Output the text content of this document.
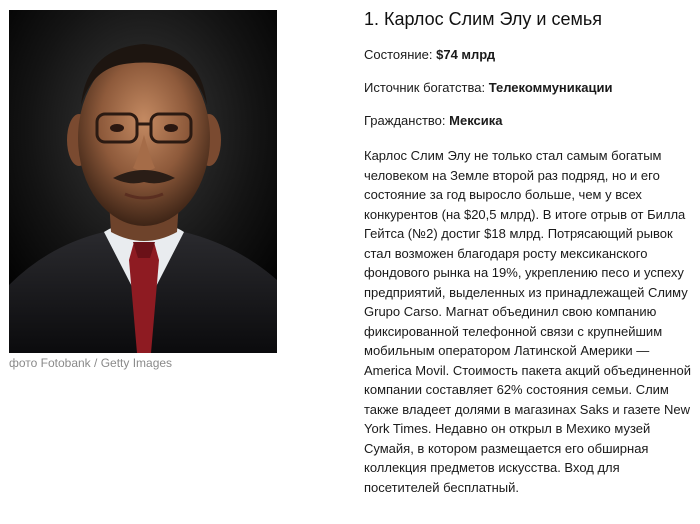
фото Fotobank / Getty Images
1. Карлос Слим Элу и семья

Состояние: $74 млрд

Источник богатства: Телекоммуникации

Гражданство: Мексика

Карлос Слим Элу не только стал самым богатым человеком на Земле второй раз подряд, но и его состояние за год выросло больше, чем у всех конкурентов (на $20,5 млрд). В итоге отрыв от Билла Гейтса (№2) достиг $18 млрд. Потрясающий рывок стал возможен благодаря росту мексиканского фондового рынка на 19%, укреплению песо и успеху предприятий, выделенных из принадлежащей Слиму Grupo Carso. Магнат объединил свою компанию фиксированной телефонной связи с крупнейшим мобильным оператором Латинской Америки — America Movil. Стоимость пакета акций объединенной компании составляет 62% состояния семьи. Слим также владеет долями в магазинах Saks и газете New York Times. Недавно он открыл в Мехико музей Сумайя, в котором размещается его обширная коллекция предметов искусства. Вход для посетителей бесплатный.
